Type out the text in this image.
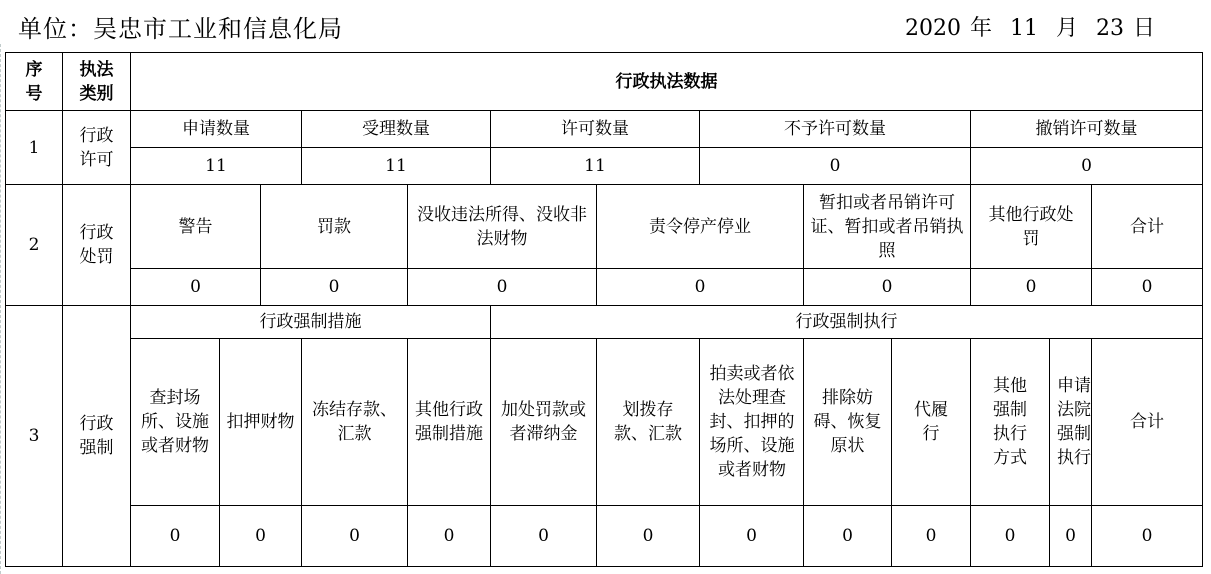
单位：吴忠市工业和信息化局	2020 年 11 月 23 日
序号	执法类别	行政执法数据												
1	行政许可	申请数量			受理数量		许可数量		不予许可数量			撤销许可数量		
		11			11		11		0			0		
2	行政处罚	警告		罚款		没收违法所得、没收非法财物		责令停产停业		暂扣或者吊销许可证、暂扣或者吊销执照		其他行政处罚		合计
		0		0		0		0		0		0		0
3	行政强制	行政强制措施					行政强制执行							

		查封场所、设施或者财物	扣押财物		冻结存款、汇款	其他行政强制措施	加处罚款或者滞纳金	划拨存款、汇款	拍卖或者依法处理查封、扣押的场所、设施或者财物	排除妨碍、恢复原状	代履行	其他强制执行方式	申请法院强制执行	合计
		0	0		0	0	0	0	0	0	0	0	0	0
